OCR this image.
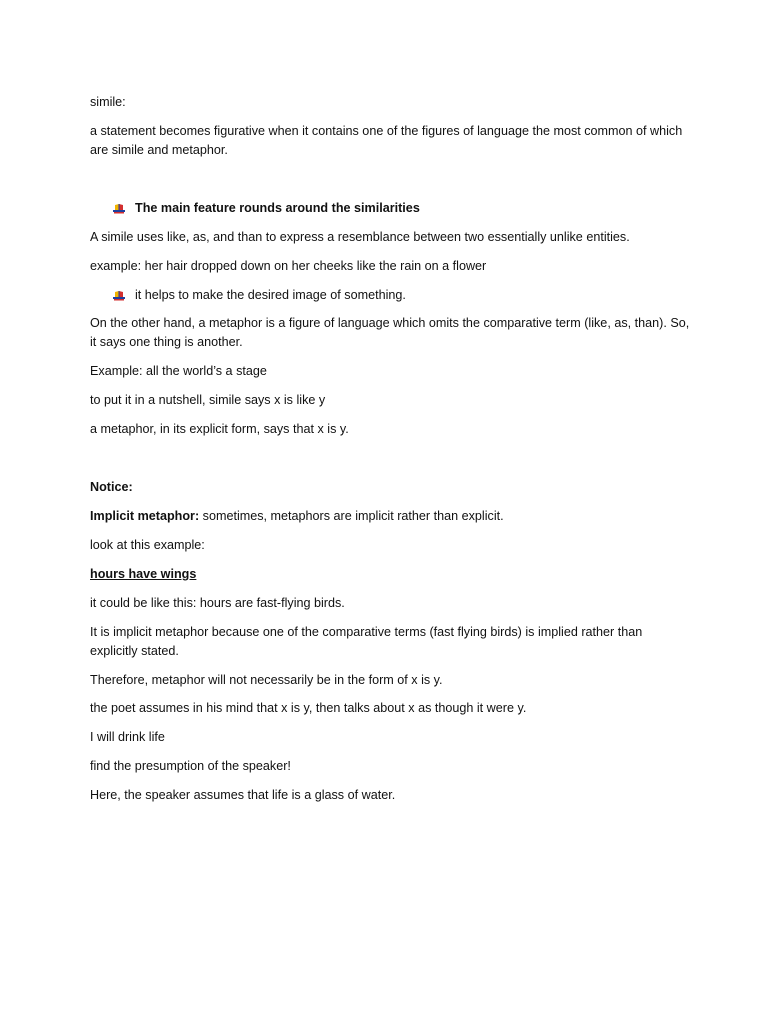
simile:

a statement becomes figurative when it contains one of the figures of language the most common of which are simile and metaphor.

The main feature rounds around the similarities

A simile uses like, as, and than to express a resemblance between two essentially unlike entities.

example: her hair dropped down on her cheeks like the rain on a flower

it helps to make the desired image of something.

On the other hand, a metaphor is a figure of language which omits the comparative term (like, as, than). So, it says one thing is another.

Example: all the world’s a stage

to put it in a nutshell, simile says x is like y

a metaphor, in its explicit form, says that x is y.

Notice:

Implicit metaphor: sometimes, metaphors are implicit rather than explicit.

look at this example:

hours have wings

it could be like this: hours are fast-flying birds.

It is implicit metaphor because one of the comparative terms (fast flying birds) is implied rather than explicitly stated.

Therefore, metaphor will not necessarily be in the form of x is y.

the poet assumes in his mind that x is y, then talks about x as though it were y.

I will drink life

find the presumption of the speaker!

Here, the speaker assumes that life is a glass of water.
